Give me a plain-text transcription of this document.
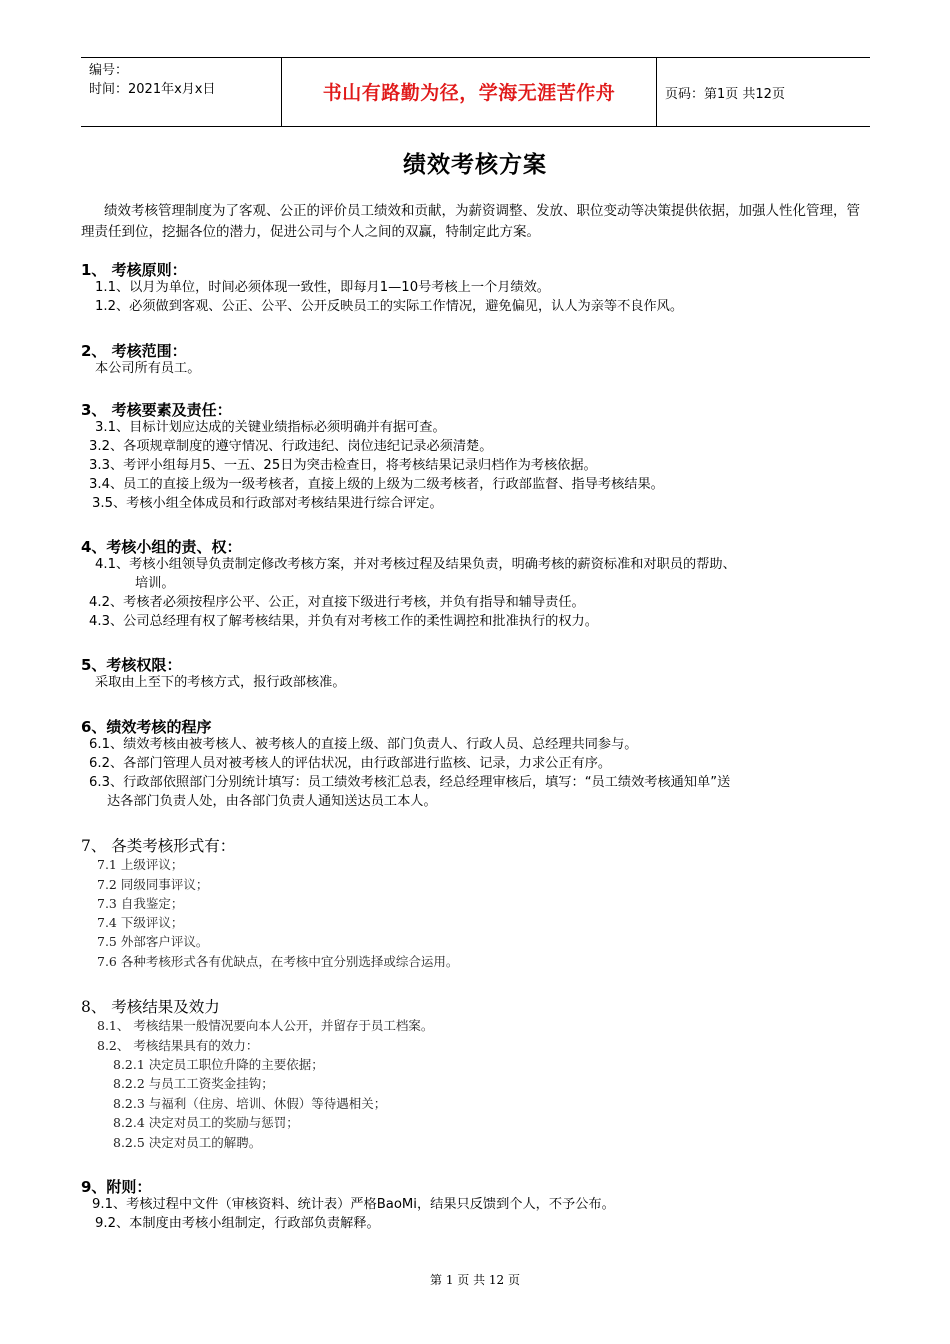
编号：
时间：2021年x月x日	书山有路勤为径，学海无涯苦作舟	页码：第1页 共12页
绩效考核方案
绩效考核管理制度为了客观、公正的评价员工绩效和贡献，为薪资调整、发放、职位变动等决策提供依据，加强人性化管理，管理责任到位，挖掘各位的潜力，促进公司与个人之间的双赢，特制定此方案。
1、 考核原则：
1.1、以月为单位，时间必须体现一致性，即每月1—10号考核上一个月绩效。
1.2、必须做到客观、公正、公平、公开反映员工的实际工作情况，避免偏见，认人为亲等不良作风。
2、 考核范围：
本公司所有员工。
3、 考核要素及责任：
3.1、目标计划应达成的关键业绩指标必须明确并有据可查。
3.2、各项规章制度的遵守情况、行政违纪、岗位违纪记录必须清楚。
3.3、考评小组每月5、一五、25日为突击检查日，将考核结果记录归档作为考核依据。
3.4、员工的直接上级为一级考核者，直接上级的上级为二级考核者，行政部监督、指导考核结果。
3.5、考核小组全体成员和行政部对考核结果进行综合评定。
4、考核小组的责、权：
4.1、考核小组领导负责制定修改考核方案，并对考核过程及结果负责，明确考核的薪资标准和对职员的帮助、
培训。
4.2、考核者必须按程序公平、公正，对直接下级进行考核，并负有指导和辅导责任。
4.3、公司总经理有权了解考核结果，并负有对考核工作的柔性调控和批准执行的权力。
5、考核权限：
采取由上至下的考核方式，报行政部核准。
6、绩效考核的程序
6.1、绩效考核由被考核人、被考核人的直接上级、部门负责人、行政人员、总经理共同参与。
6.2、各部门管理人员对被考核人的评估状况，由行政部进行监核、记录，力求公正有序。
6.3、行政部依照部门分别统计填写：员工绩效考核汇总表，经总经理审核后，填写：“员工绩效考核通知单”送
达各部门负责人处，由各部门负责人通知送达员工本人。
7、 各类考核形式有：
7.1 上级评议；
7.2 同级同事评议；
7.3 自我鉴定；
7.4 下级评议；
7.5 外部客户评议。
7.6 各种考核形式各有优缺点，在考核中宜分别选择或综合运用。
8、 考核结果及效力
8.1、 考核结果一般情况要向本人公开，并留存于员工档案。
8.2、 考核结果具有的效力：
8.2.1 决定员工职位升降的主要依据；
8.2.2 与员工工资奖金挂钩；
8.2.3 与福利（住房、培训、休假）等待遇相关；
8.2.4 决定对员工的奖励与惩罚；
8.2.5 决定对员工的解聘。
9、附则：
9.1、考核过程中文件（审核资料、统计表）严格BaoMi，结果只反馈到个人，不予公布。
9.2、本制度由考核小组制定，行政部负责解释。
第 1 页 共 12 页
